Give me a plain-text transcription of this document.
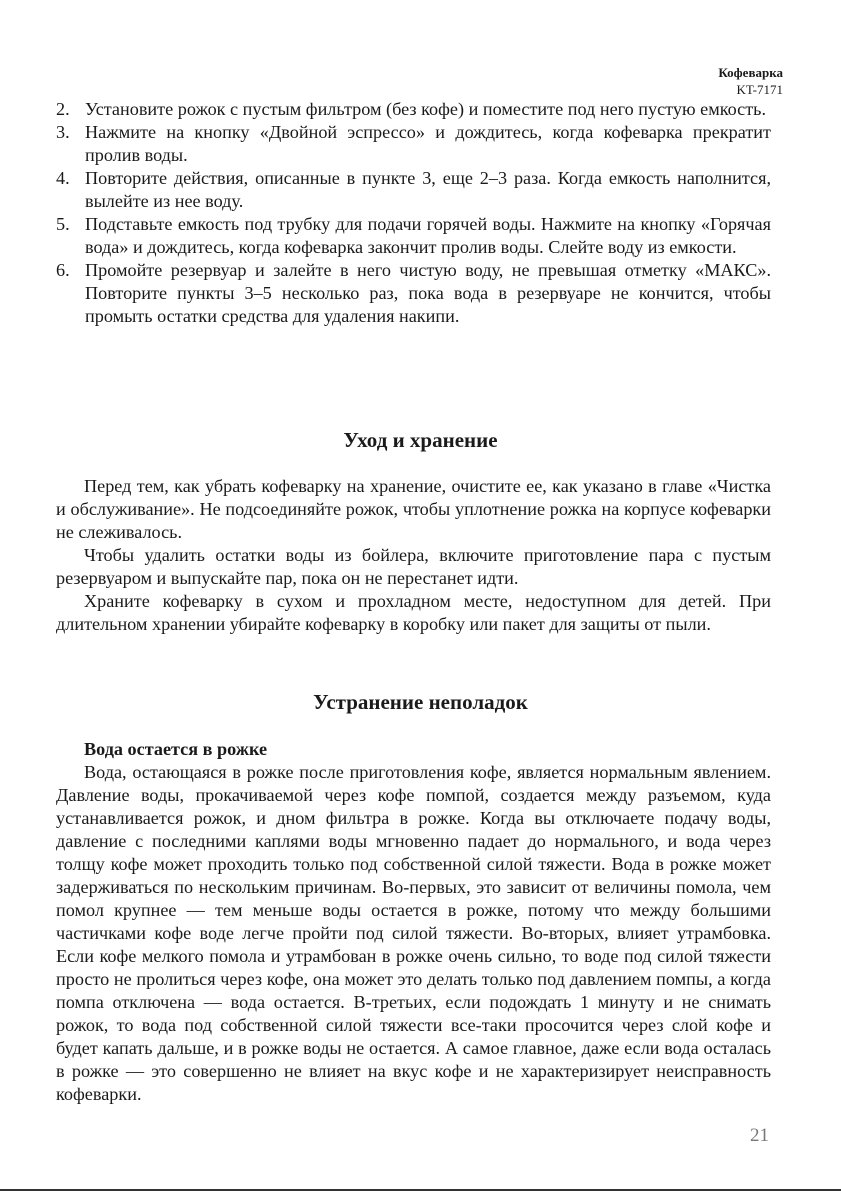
Кофеварка
KT-7171
2. Установите рожок с пустым фильтром (без кофе) и поместите под него пустую емкость.
3. Нажмите на кнопку «Двойной эспрессо» и дождитесь, когда кофеварка прекратит пролив воды.
4. Повторите действия, описанные в пункте 3, еще 2–3 раза. Когда емкость наполнится, вылейте из нее воду.
5. Подставьте емкость под трубку для подачи горячей воды. Нажмите на кнопку «Горячая вода» и дождитесь, когда кофеварка закончит пролив воды. Слейте воду из емкости.
6. Промойте резервуар и залейте в него чистую воду, не превышая отметку «МАКС». Повторите пункты 3–5 несколько раз, пока вода в резервуаре не кончится, чтобы промыть остатки средства для удаления накипи.
Уход и хранение

Перед тем, как убрать кофеварку на хранение, очистите ее, как указано в главе «Чистка и обслуживание». Не подсоединяйте рожок, чтобы уплотнение рожка на корпусе кофеварки не слеживалось.

Чтобы удалить остатки воды из бойлера, включите приготовление пара с пустым резервуаром и выпускайте пар, пока он не перестанет идти.

Храните кофеварку в сухом и прохладном месте, недоступном для детей. При длительном хранении убирайте кофеварку в коробку или пакет для защиты от пыли.

Устранение неполадок

Вода остается в рожке

Вода, остающаяся в рожке после приготовления кофе, является нормальным явлением. Давление воды, прокачиваемой через кофе помпой, создается между разъемом, куда устанавливается рожок, и дном фильтра в рожке. Когда вы отключаете подачу воды, давление с последними каплями воды мгновенно падает до нормального, и вода через толщу кофе может проходить только под собственной силой тяжести. Вода в рожке может задерживаться по нескольким причинам. Во-первых, это зависит от величины помола, чем помол крупнее — тем меньше воды остается в рожке, потому что между большими частичками кофе воде легче пройти под силой тяжести. Во-вторых, влияет утрамбовка. Если кофе мелкого помола и утрамбован в рожке очень сильно, то воде под силой тяжести просто не пролиться через кофе, она может это делать только под давлением помпы, а когда помпа отключена — вода остается. В-третьих, если подождать 1 минуту и не снимать рожок, то вода под собственной силой тяжести все-таки просочится через слой кофе и будет капать дальше, и в рожке воды не остается. А самое главное, даже если вода осталась в рожке — это совершенно не влияет на вкус кофе и не характеризирует неисправность кофеварки.

21
